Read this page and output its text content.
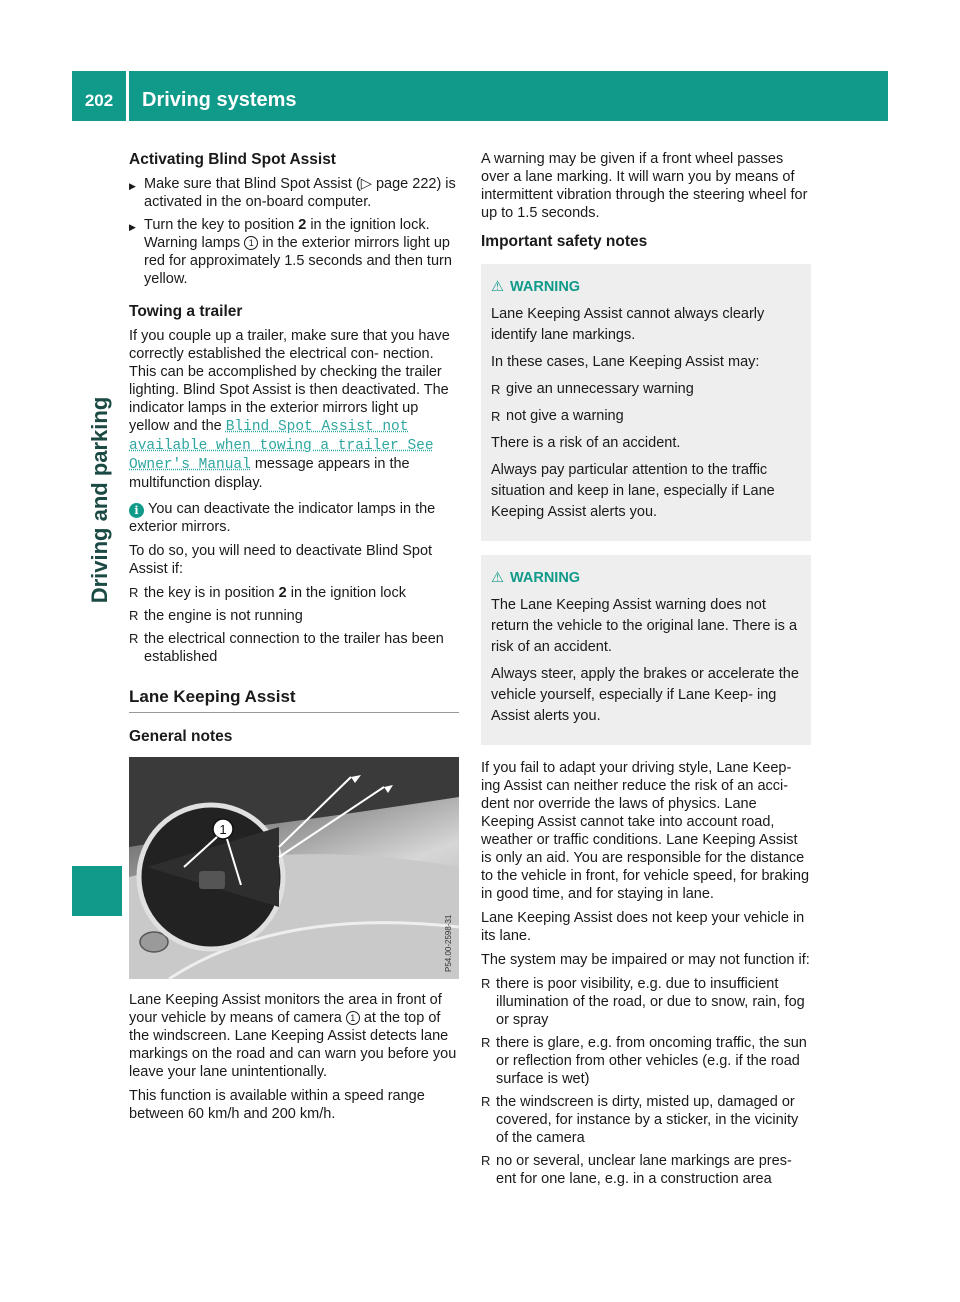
202	Driving systems
Driving and parking
Activating Blind Spot Assist
▶ Make sure that Blind Spot Assist (▷ page 222) is activated in the on-board computer.
▶ Turn the key to position 2 in the ignition lock. Warning lamps 1 in the exterior mirrors light up red for approximately 1.5 seconds and then turn yellow.
Towing a trailer

If you couple up a trailer, make sure that you have correctly established the electrical con- nection. This can be accomplished by checking the trailer lighting. Blind Spot Assist is then deactivated. The indicator lamps in the exterior mirrors light up yellow and the Blind Spot Assist not available when towing a trailer See Owner's Manual message appears in the multifunction display.

i You can deactivate the indicator lamps in the exterior mirrors.

To do so, you will need to deactivate Blind Spot Assist if:

R the key is in position 2 in the ignition lock
R the engine is not running
R the electrical connection to the trailer has been established
Lane Keeping Assist
General notes
1
P54.00-2598-31

Lane Keeping Assist monitors the area in front of your vehicle by means of camera 1 at the top of the windscreen. Lane Keeping Assist detects lane markings on the road and can warn you before you leave your lane unintentionally.

This function is available within a speed range between 60 km/h and 200 km/h.

A warning may be given if a front wheel passes over a lane marking. It will warn you by means of intermittent vibration through the steering wheel for up to 1.5 seconds.

Important safety notes
⚠ WARNING

Lane Keeping Assist cannot always clearly identify lane markings.

In these cases, Lane Keeping Assist may:

R give an unnecessary warning
R not give a warning

There is a risk of an accident.

Always pay particular attention to the traffic situation and keep in lane, especially if Lane Keeping Assist alerts you.

⚠ WARNING

The Lane Keeping Assist warning does not return the vehicle to the original lane. There is a risk of an accident.

Always steer, apply the brakes or accelerate the vehicle yourself, especially if Lane Keep- ing Assist alerts you.

If you fail to adapt your driving style, Lane Keep- ing Assist can neither reduce the risk of an acci- dent nor override the laws of physics. Lane Keeping Assist cannot take into account road, weather or traffic conditions. Lane Keeping Assist is only an aid. You are responsible for the distance to the vehicle in front, for vehicle speed, for braking in good time, and for staying in lane.

Lane Keeping Assist does not keep your vehicle in its lane.

The system may be impaired or may not function if:

R there is poor visibility, e.g. due to insufficient illumination of the road, or due to snow, rain, fog or spray
R there is glare, e.g. from oncoming traffic, the sun or reflection from other vehicles (e.g. if the road surface is wet)
R the windscreen is dirty, misted up, damaged or covered, for instance by a sticker, in the vicinity of the camera
R no or several, unclear lane markings are pres- ent for one lane, e.g. in a construction area
